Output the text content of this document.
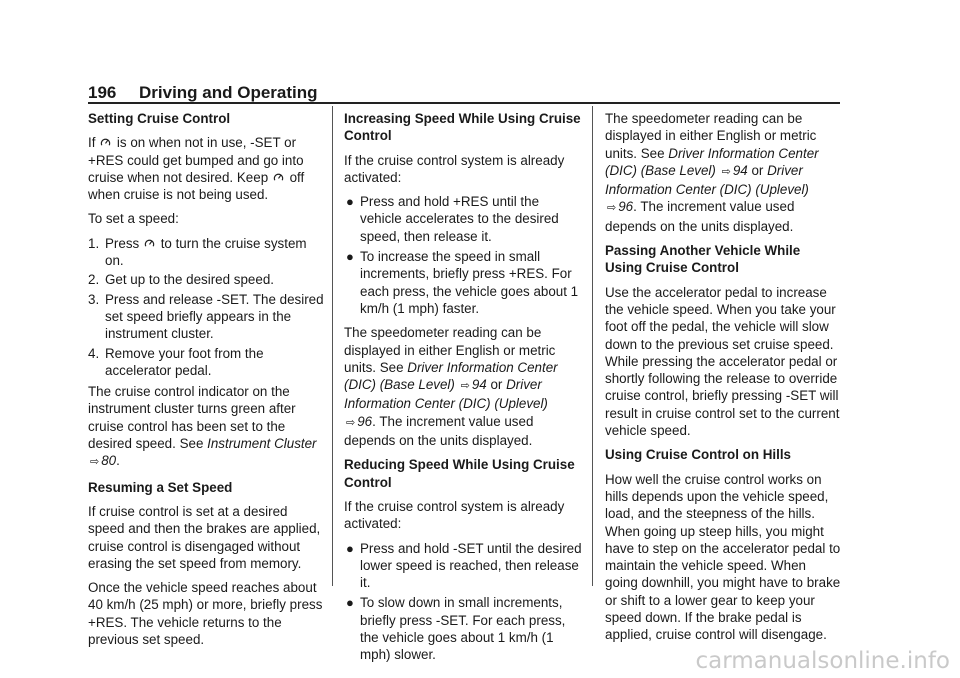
196 Driving and Operating

Setting Cruise Control

If is on when not in use, -SET or +RES could get bumped and go into cruise when not desired. Keep off when cruise is not being used.

To set a speed:

1. Press to turn the cruise system on.
2. Get up to the desired speed.
3. Press and release -SET. The desired set speed briefly appears in the instrument cluster.
4. Remove your foot from the accelerator pedal.

The cruise control indicator on the instrument cluster turns green after cruise control has been set to the desired speed. See Instrument Cluster ⇨ 80.

Resuming a Set Speed

If cruise control is set at a desired speed and then the brakes are applied, cruise control is disengaged without erasing the set speed from memory.

Once the vehicle speed reaches about 40 km/h (25 mph) or more, briefly press +RES. The vehicle returns to the previous set speed.

Increasing Speed While Using Cruise Control

If the cruise control system is already activated:

● Press and hold +RES until the vehicle accelerates to the desired speed, then release it.
● To increase the speed in small increments, briefly press +RES. For each press, the vehicle goes about 1 km/h (1 mph) faster.

The speedometer reading can be displayed in either English or metric units. See Driver Information Center (DIC) (Base Level) ⇨ 94 or Driver Information Center (DIC) (Uplevel) ⇨ 96. The increment value used depends on the units displayed.

Reducing Speed While Using Cruise Control

If the cruise control system is already activated:

● Press and hold -SET until the desired lower speed is reached, then release it.
● To slow down in small increments, briefly press -SET. For each press, the vehicle goes about 1 km/h (1 mph) slower.

The speedometer reading can be displayed in either English or metric units. See Driver Information Center (DIC) (Base Level) ⇨ 94 or Driver Information Center (DIC) (Uplevel) ⇨ 96. The increment value used depends on the units displayed.

Passing Another Vehicle While Using Cruise Control

Use the accelerator pedal to increase the vehicle speed. When you take your foot off the pedal, the vehicle will slow down to the previous set cruise speed. While pressing the accelerator pedal or shortly following the release to override cruise control, briefly pressing -SET will result in cruise control set to the current vehicle speed.

Using Cruise Control on Hills

How well the cruise control works on hills depends upon the vehicle speed, load, and the steepness of the hills. When going up steep hills, you might have to step on the accelerator pedal to maintain the vehicle speed. When going downhill, you might have to brake or shift to a lower gear to keep your speed down. If the brake pedal is applied, cruise control will disengage.

carmanualsonline.info
